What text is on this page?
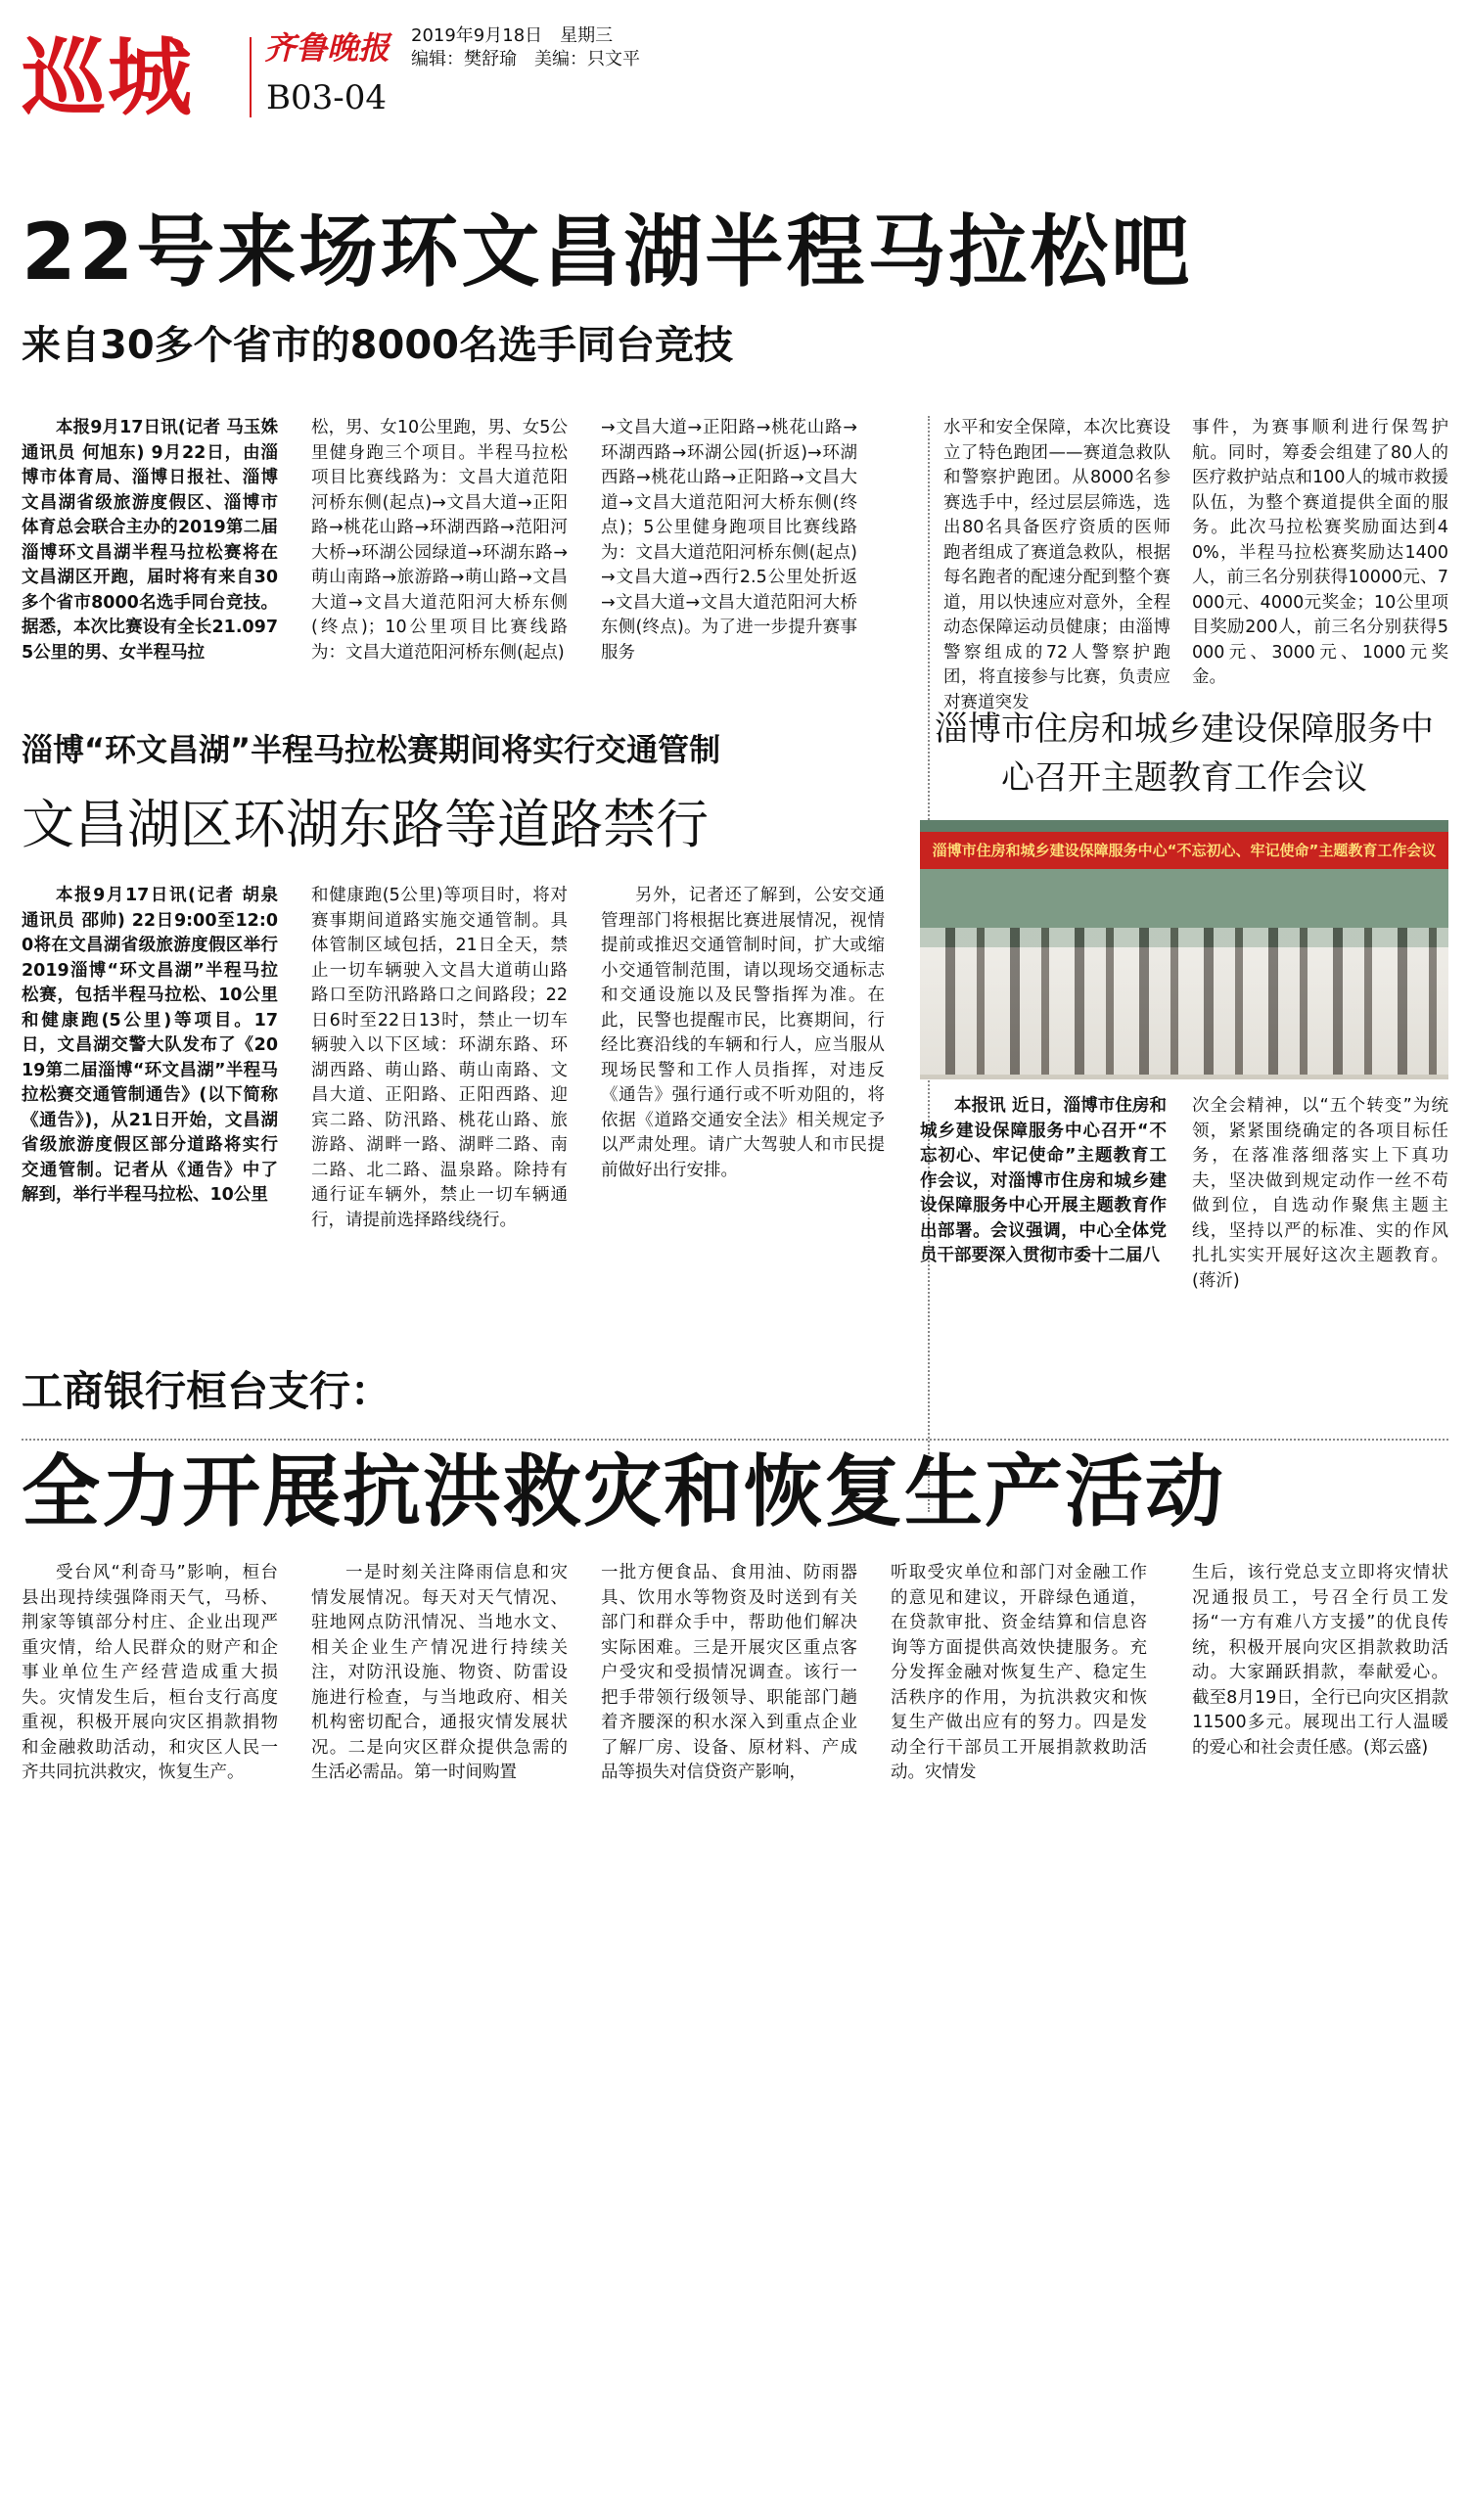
巡城 齐鲁晚报 2019年9月18日　星期三
编辑：樊舒瑜　美编：只文平
B03-04
22号来场环文昌湖半程马拉松吧
来自30多个省市的8000名选手同台竞技

本报9月17日讯(记者 马玉姝 通讯员 何旭东) 9月22日，由淄博市体育局、淄博日报社、淄博文昌湖省级旅游度假区、淄博市体育总会联合主办的2019第二届淄博环文昌湖半程马拉松赛将在文昌湖区开跑，届时将有来自30多个省市8000名选手同台竞技。据悉，本次比赛设有全长21.0975公里的男、女半程马拉

松，男、女10公里跑，男、女5公里健身跑三个项目。半程马拉松项目比赛线路为：文昌大道范阳河桥东侧(起点)→文昌大道→正阳路→桃花山路→环湖西路→范阳河大桥→环湖公园绿道→环湖东路→萌山南路→旅游路→萌山路→文昌大道→文昌大道范阳河大桥东侧(终点)；10公里项目比赛线路为：文昌大道范阳河桥东侧(起点)

→文昌大道→正阳路→桃花山路→环湖西路→环湖公园(折返)→环湖西路→桃花山路→正阳路→文昌大道→文昌大道范阳河大桥东侧(终点)；5公里健身跑项目比赛线路为：文昌大道范阳河桥东侧(起点)→文昌大道→西行2.5公里处折返→文昌大道→文昌大道范阳河大桥东侧(终点)。为了进一步提升赛事服务

水平和安全保障，本次比赛设立了特色跑团——赛道急救队和警察护跑团。从8000名参赛选手中，经过层层筛选，选出80名具备医疗资质的医师跑者组成了赛道急救队，根据每名跑者的配速分配到整个赛道，用以快速应对意外，全程动态保障运动员健康；由淄博警察组成的72人警察护跑团，将直接参与比赛，负责应对赛道突发

事件，为赛事顺利进行保驾护航。同时，筹委会组建了80人的医疗救护站点和100人的城市救援队伍，为整个赛道提供全面的服务。此次马拉松赛奖励面达到40%，半程马拉松赛奖励达1400人，前三名分别获得10000元、7000元、4000元奖金；10公里项目奖励200人，前三名分别获得5000元、3000元、1000元奖金。

淄博“环文昌湖”半程马拉松赛期间将实行交通管制
文昌湖区环湖东路等道路禁行

本报9月17日讯(记者 胡泉 通讯员 邵帅) 22日9:00至12:00将在文昌湖省级旅游度假区举行2019淄博“环文昌湖”半程马拉松赛，包括半程马拉松、10公里和健康跑(5公里)等项目。17日，文昌湖交警大队发布了《2019第二届淄博“环文昌湖”半程马拉松赛交通管制通告》(以下简称《通告》)，从21日开始，文昌湖省级旅游度假区部分道路将实行交通管制。记者从《通告》中了解到，举行半程马拉松、10公里

和健康跑(5公里)等项目时，将对赛事期间道路实施交通管制。具体管制区域包括，21日全天，禁止一切车辆驶入文昌大道萌山路路口至防汛路路口之间路段；22日6时至22日13时，禁止一切车辆驶入以下区域：环湖东路、环湖西路、萌山路、萌山南路、文昌大道、正阳路、正阳西路、迎宾二路、防汛路、桃花山路、旅游路、湖畔一路、湖畔二路、南二路、北二路、温泉路。除持有通行证车辆外，禁止一切车辆通行，请提前选择路线绕行。

另外，记者还了解到，公安交通管理部门将根据比赛进展情况，视情提前或推迟交通管制时间，扩大或缩小交通管制范围，请以现场交通标志和交通设施以及民警指挥为准。在此，民警也提醒市民，比赛期间，行经比赛沿线的车辆和行人，应当服从现场民警和工作人员指挥，对违反《通告》强行通行或不听劝阻的，将依据《道路交通安全法》相关规定予以严肃处理。请广大驾驶人和市民提前做好出行安排。

淄博市住房和城乡建设保障服务中心召开主题教育工作会议
淄博市住房和城乡建设保障服务中心“不忘初心、牢记使命”主题教育工作会议

本报讯 近日，淄博市住房和城乡建设保障服务中心召开“不忘初心、牢记使命”主题教育工作会议，对淄博市住房和城乡建设保障服务中心开展主题教育作出部署。会议强调，中心全体党员干部要深入贯彻市委十二届八

次全会精神，以“五个转变”为统领，紧紧围绕确定的各项目标任务，在落准落细落实上下真功夫，坚决做到规定动作一丝不苟做到位，自选动作聚焦主题主线，坚持以严的标准、实的作风扎扎实实开展好这次主题教育。(蒋沂)

工商银行桓台支行：
全力开展抗洪救灾和恢复生产活动

受台风“利奇马”影响，桓台县出现持续强降雨天气，马桥、荆家等镇部分村庄、企业出现严重灾情，给人民群众的财产和企事业单位生产经营造成重大损失。灾情发生后，桓台支行高度重视，积极开展向灾区捐款捐物和金融救助活动，和灾区人民一齐共同抗洪救灾，恢复生产。

一是时刻关注降雨信息和灾情发展情况。每天对天气情况、驻地网点防汛情况、当地水文、相关企业生产情况进行持续关注，对防汛设施、物资、防雷设施进行检查，与当地政府、相关机构密切配合，通报灾情发展状况。二是向灾区群众提供急需的生活必需品。第一时间购置

一批方便食品、食用油、防雨器具、饮用水等物资及时送到有关部门和群众手中，帮助他们解决实际困难。三是开展灾区重点客户受灾和受损情况调查。该行一把手带领行级领导、职能部门趟着齐腰深的积水深入到重点企业了解厂房、设备、原材料、产成品等损失对信贷资产影响，

听取受灾单位和部门对金融工作的意见和建议，开辟绿色通道，在贷款审批、资金结算和信息咨询等方面提供高效快捷服务。充分发挥金融对恢复生产、稳定生活秩序的作用，为抗洪救灾和恢复生产做出应有的努力。四是发动全行干部员工开展捐款救助活动。灾情发

生后，该行党总支立即将灾情状况通报员工，号召全行员工发扬“一方有难八方支援”的优良传统，积极开展向灾区捐款救助活动。大家踊跃捐款，奉献爱心。截至8月19日，全行已向灾区捐款11500多元。展现出工行人温暖的爱心和社会责任感。(郑云盛)
